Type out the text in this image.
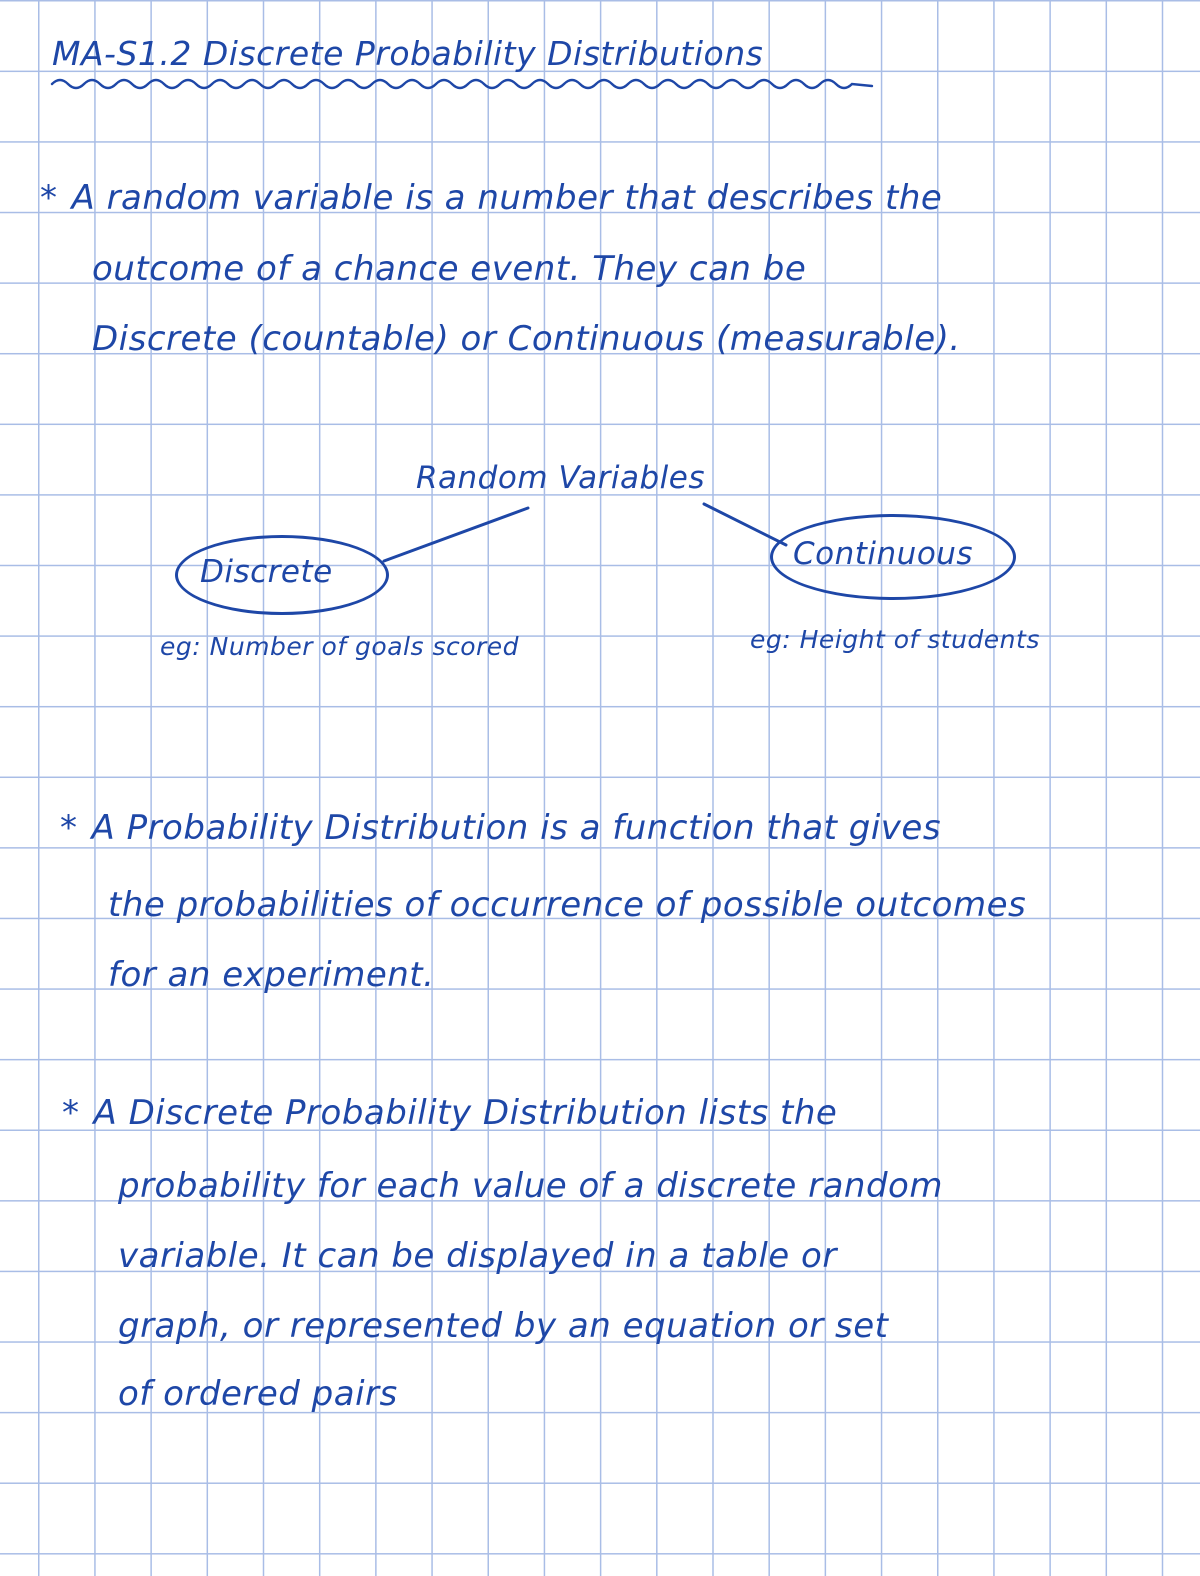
MA-S1.2 Discrete Probability Distributions
* A random variable is a number that describes the
outcome of a chance event. They can be
Discrete (countable) or Continuous (measurable).
Random Variables
Discrete
eg: Number of goals scored
Continuous
eg: Height of students
* A Probability Distribution is a function that gives
the probabilities of occurrence of possible outcomes
for an experiment.
* A Discrete Probability Distribution lists the
probability for each value of a discrete random
variable. It can be displayed in a table or
graph, or represented by an equation or set
of ordered pairs
